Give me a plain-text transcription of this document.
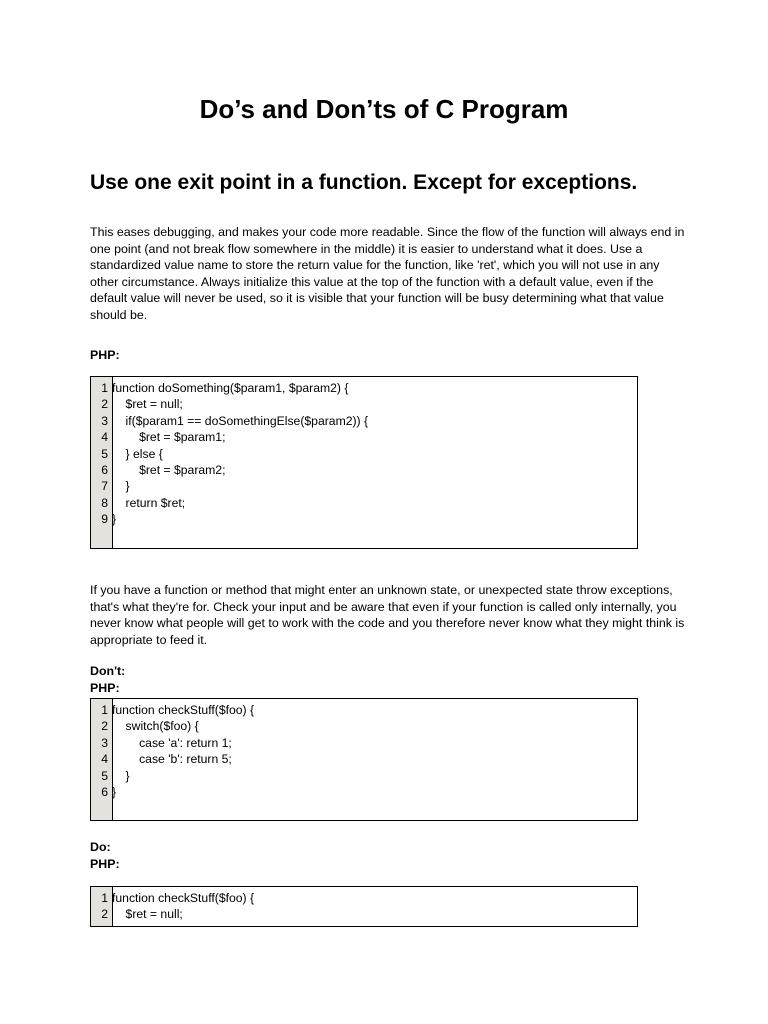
Do’s and Don’ts of C Program
Use one exit point in a function. Except for exceptions.
This eases debugging, and makes your code more readable. Since the flow of the function will always end in one point (and not break flow somewhere in the middle) it is easier to understand what it does. Use a standardized value name to store the return value for the function, like 'ret', which you will not use in any other circumstance. Always initialize this value at the top of the function with a default value, even if the default value will never be used, so it is visible that your function will be busy determining what that value should be.
PHP:
1 function doSomething($param1, $param2) {
2 $ret = null;
3 if($param1 == doSomethingElse($param2)) {
4 $ret = $param1;
5 } else {
6 $ret = $param2;
7 }
8 return $ret;
9 }
If you have a function or method that might enter an unknown state, or unexpected state throw exceptions, that's what they're for. Check your input and be aware that even if your function is called only internally, you never know what people will get to work with the code and you therefore never know what they might think is appropriate to feed it.
Don't:
PHP:
1 function checkStuff($foo) {
2 switch($foo) {
3 case 'a': return 1;
4 case 'b': return 5;
5 }
6 }
Do:
PHP:
1 function checkStuff($foo) {
2 $ret = null;
